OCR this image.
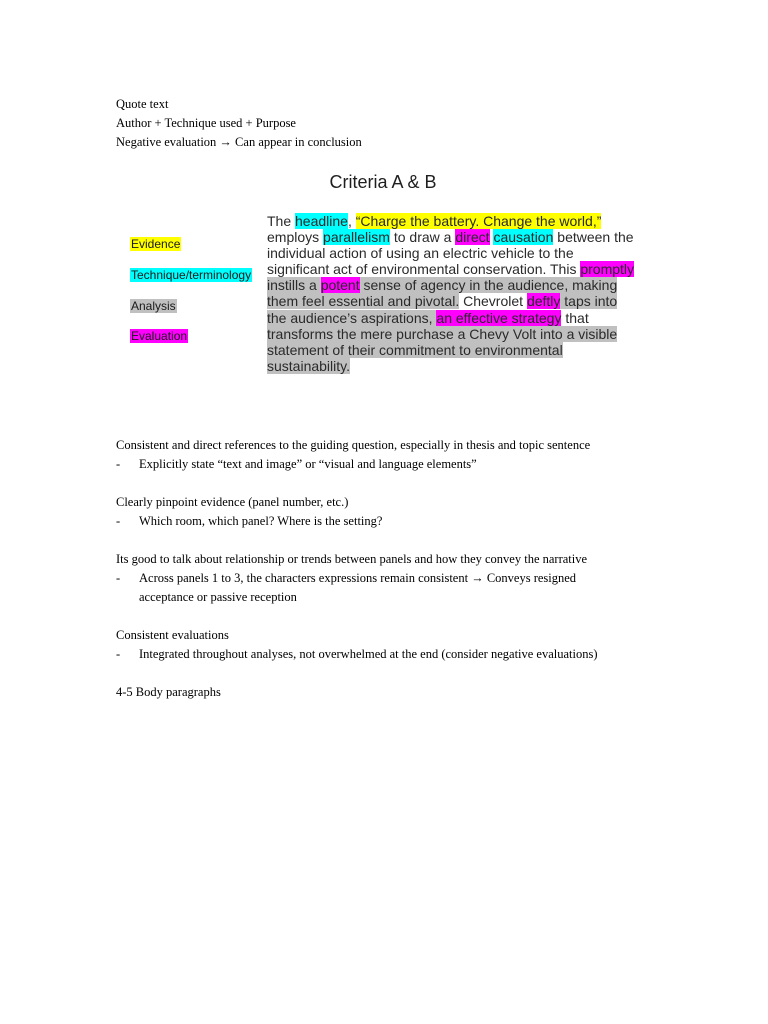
Quote text
Author + Technique used + Purpose
Negative evaluation → Can appear in conclusion
Criteria A & B
Evidence
Technique/terminology
Analysis
Evaluation
The headline, “Charge the battery. Change the world,” employs parallelism to draw a direct causation between the individual action of using an electric vehicle to the significant act of environmental conservation. This promptly instills a potent sense of agency in the audience, making them feel essential and pivotal. Chevrolet deftly taps into the audience’s aspirations, an effective strategy that transforms the mere purchase a Chevy Volt into a visible statement of their commitment to environmental sustainability.
Consistent and direct references to the guiding question, especially in thesis and topic sentence
- Explicitly state “text and image” or “visual and language elements”
Clearly pinpoint evidence (panel number, etc.)
- Which room, which panel? Where is the setting?
Its good to talk about relationship or trends between panels and how they convey the narrative
- Across panels 1 to 3, the characters expressions remain consistent → Conveys resigned acceptance or passive reception
Consistent evaluations
- Integrated throughout analyses, not overwhelmed at the end (consider negative evaluations)
4-5 Body paragraphs
